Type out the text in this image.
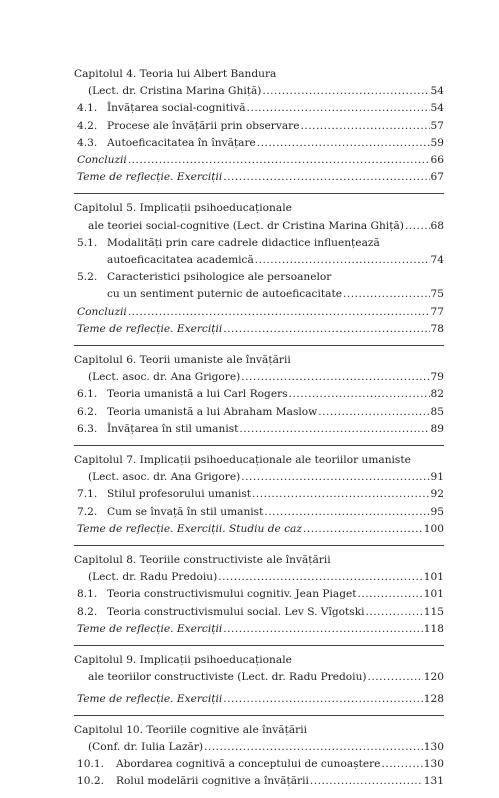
Capitolul 4. Teoria lui Albert Bandura
(Lect. dr. Cristina Marina Ghiță) .....	54
4.1. Învățarea social-cognitivă .....	54
4.2. Procese ale învățării prin observare .....	57
4.3. Autoeficacitatea în învățare .....	59
Concluzii .....	66
Teme de reflecție. Exerciții .....	67
Capitolul 5. Implicații psihoeducaționale
ale teoriei social-cognitive (Lect. dr Cristina Marina Ghiță) .....	68
5.1. Modalități prin care cadrele didactice influențează
autoeficacitatea academică .....	74
5.2. Caracteristici psihologice ale persoanelor
cu un sentiment puternic de autoeficacitate .....	75
Concluzii .....	77
Teme de reflecție. Exerciții .....	78
Capitolul 6. Teorii umaniste ale învățării
(Lect. asoc. dr. Ana Grigore) .....	79
6.1. Teoria umanistă a lui Carl Rogers .....	82
6.2. Teoria umanistă a lui Abraham Maslow .....	85
6.3. Învățarea în stil umanist .....	89
Capitolul 7. Implicații psihoeducaționale ale teoriilor umaniste
(Lect. asoc. dr. Ana Grigore) .....	91
7.1. Stilul profesorului umanist .....	92
7.2. Cum se învață în stil umanist .....	95
Teme de reflecție. Exerciții. Studiu de caz .....	100
Capitolul 8. Teoriile constructiviste ale învățării
(Lect. dr. Radu Predoiu) .....	101
8.1. Teoria constructivismului cognitiv. Jean Piaget .....	101
8.2. Teoria constructivismului social. Lev S. Vîgotski .....	115
Teme de reflecție. Exerciții .....	118
Capitolul 9. Implicații psihoeducaționale
ale teoriilor constructiviste (Lect. dr. Radu Predoiu) .....	120
Teme de reflecție. Exerciții .....	128
Capitolul 10. Teoriile cognitive ale învățării
(Conf. dr. Iulia Lazăr) .....	130
10.1.	Abordarea cognitivă a conceptului de cunoaștere .....	130
10.2.	Rolul modelării cognitive a învățării .....	131
